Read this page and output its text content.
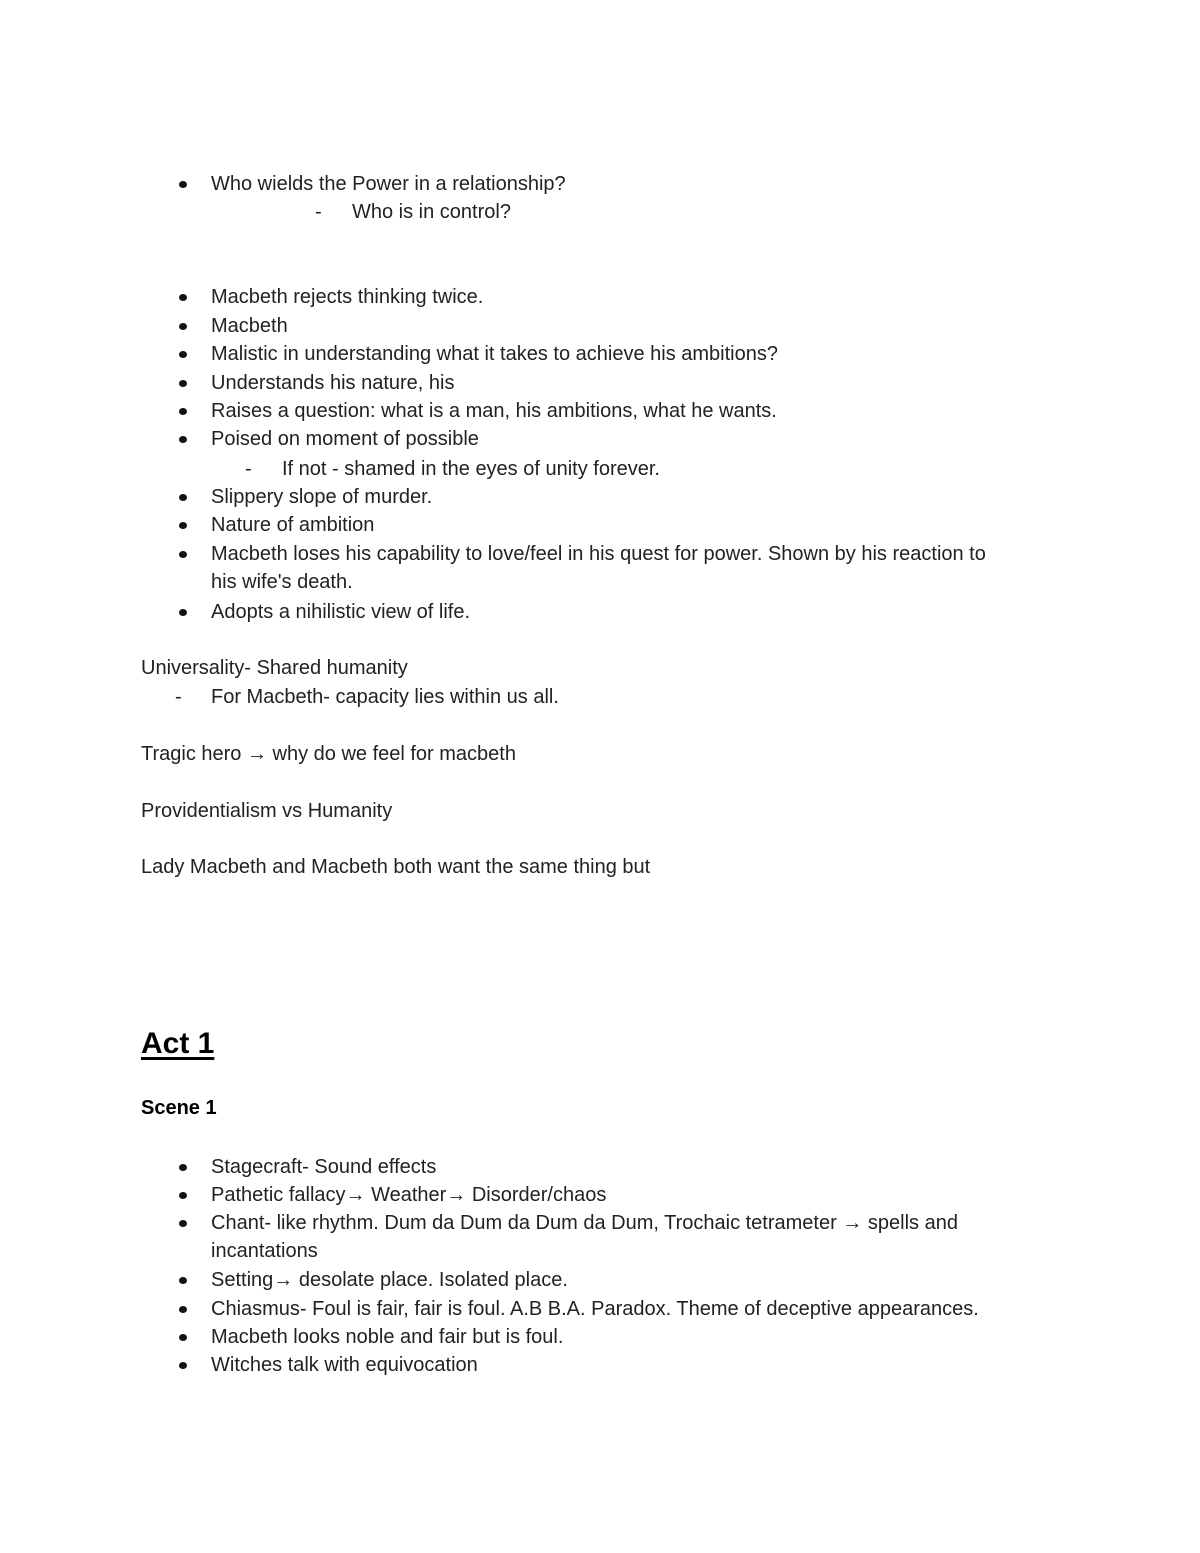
Who wields the Power in a relationship?
- Who is in control?
Macbeth rejects thinking twice.
Macbeth
Malistic in understanding what it takes to achieve his ambitions?
Understands his nature, his
Raises a question: what is a man, his ambitions, what he wants.
Poised on moment of possible
- If not - shamed in the eyes of unity forever.
Slippery slope of murder.
Nature of ambition
Macbeth loses his capability to love/feel in his quest for power. Shown by his reaction to
his wife's death.
Adopts a nihilistic view of life.
Universality- Shared humanity
- For Macbeth- capacity lies within us all.
Tragic hero → why do we feel for macbeth
Providentialism vs Humanity
Lady Macbeth and Macbeth both want the same thing but
Act 1
Scene 1
Stagecraft- Sound effects
Pathetic fallacy→ Weather→ Disorder/chaos
Chant- like rhythm. Dum da Dum da Dum da Dum, Trochaic tetrameter → spells and
incantations
Setting→ desolate place. Isolated place.
Chiasmus- Foul is fair, fair is foul. A.B B.A. Paradox. Theme of deceptive appearances.
Macbeth looks noble and fair but is foul.
Witches talk with equivocation
